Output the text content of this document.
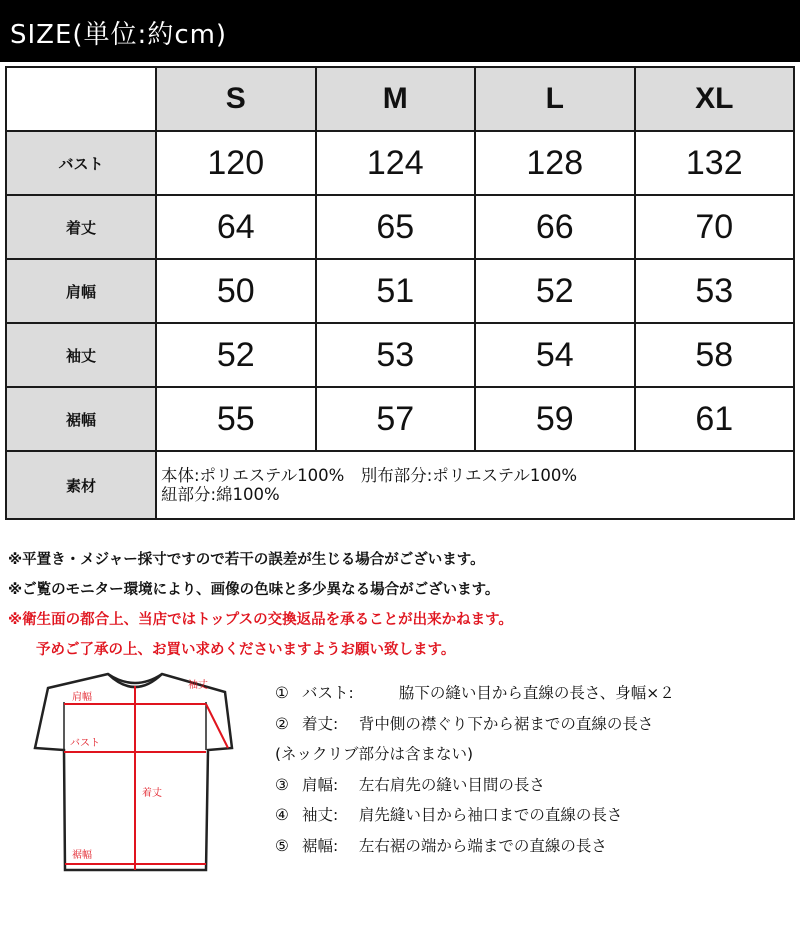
SIZE(単位:約cm)
	S	M	L	XL
バスト	120	124	128	132
着丈	64	65	66	70
肩幅	50	51	52	53
袖丈	52	53	54	58
裾幅	55	57	59	61
素材	本体:ポリエステル100%　別布部分:ポリエステル100%
紐部分:綿100%			
※平置き・メジャー採寸ですので若干の誤差が生じる場合がございます。
※ご覧のモニター環境により、画像の色味と多少異なる場合がございます。
※衛生面の都合上、当店ではトップスの交換返品を承ることが出来かねます。
予めご了承の上、お買い求めくださいますようお願い致します。
肩幅
袖丈
バスト
着丈
裾幅
① バスト:	脇下の縫い目から直線の長さ、身幅×２
② 着丈: 背中側の襟ぐり下から裾までの直線の長さ
(ネックリブ部分は含まない)
③ 肩幅: 左右肩先の縫い目間の長さ
④ 袖丈: 肩先縫い目から袖口までの直線の長さ
⑤ 裾幅: 左右裾の端から端までの直線の長さ
